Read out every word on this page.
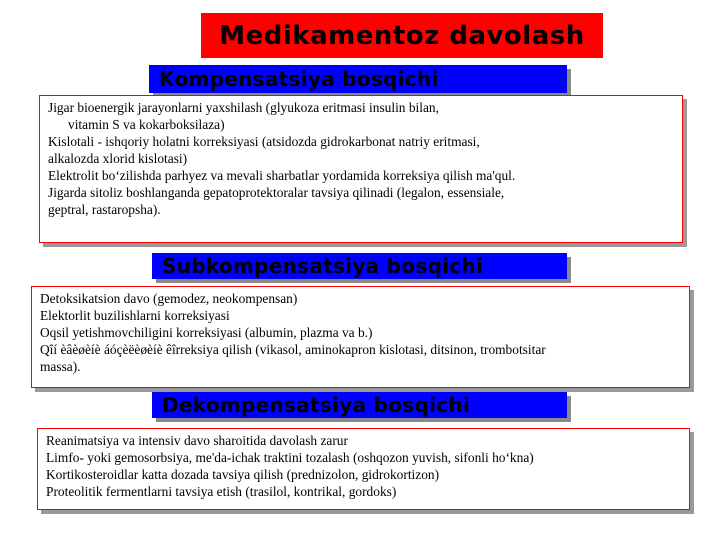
Medikamentoz davolash
Kompensatsiya bosqichi
Jigar bioenergik jarayonlarni yaxshilash (glyukoza eritmasi insulin bilan,
vitamin S va kokarboksilaza)
Kislotali - ishqoriy holatni korreksiyasi (atsidozda gidrokarbonat natriy eritmasi,
alkalozda xlorid kislotasi)
Elektrolit bo‘zilishda parhyez va mevali sharbatlar yordamida korreksiya qilish ma'qul.
Jigarda sitoliz boshlanganda gepatoprotektoralar tavsiya qilinadi (legalon, essensiale,
geptral, rastaropsha).
Subkompensatsiya bosqichi
Detoksikatsion davo (gemodez, neokompensan)
Elektorlit buzilishlarni korreksiyasi
Oqsil yetishmovchiligini korreksiyasi (albumin, plazma va b.)
Qîí èâèøèíè áóçèëèøèíè êîrreksiya qilish (vikasol, aminokapron kislotasi, ditsinon, trombotsitar
massa).
Dekompensatsiya bosqichi
Reanimatsiya va intensiv davo sharoitida davolash zarur
Limfo- yoki gemosorbsiya, me'da-ichak traktini tozalash (oshqozon yuvish, sifonli ho‘kna)
Kortikosteroidlar katta dozada tavsiya qilish (prednizolon, gidrokortizon)
Proteolitik fermentlarni tavsiya etish (trasilol, kontrikal, gordoks)
